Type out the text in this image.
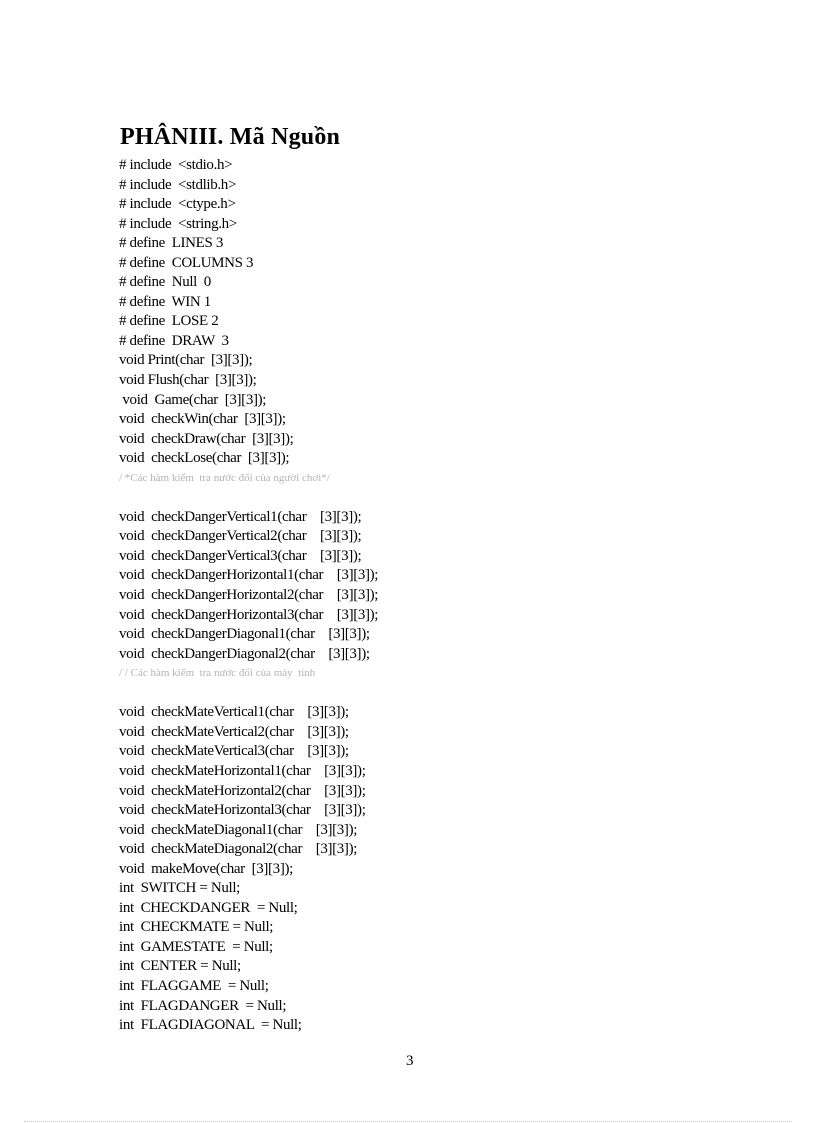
PHÂNIII. Mã Nguồn
# include  <stdio.h>
# include  <stdlib.h>
# include  <ctype.h>
# include  <string.h>
# define  LINES 3
# define  COLUMNS 3
# define  Null  0
# define  WIN 1
# define  LOSE 2
# define  DRAW  3
void Print(char  [3][3]);
void Flush(char  [3][3]);
void  Game(char  [3][3]);
void  checkWin(char  [3][3]);
void  checkDraw(char  [3][3]);
void  checkLose(char  [3][3]);
/ *Các hàm kiểm  tra nước đối của người chơi*/
void  checkDangerVertical1(char    [3][3]);
void  checkDangerVertical2(char    [3][3]);
void  checkDangerVertical3(char    [3][3]);
void  checkDangerHorizontal1(char    [3][3]);
void  checkDangerHorizontal2(char    [3][3]);
void  checkDangerHorizontal3(char    [3][3]);
void  checkDangerDiagonal1(char    [3][3]);
void  checkDangerDiagonal2(char    [3][3]);
/ / Các hàm kiểm  tra nước đối của máy  tính
void  checkMateVertical1(char    [3][3]);
void  checkMateVertical2(char    [3][3]);
void  checkMateVertical3(char    [3][3]);
void  checkMateHorizontal1(char    [3][3]);
void  checkMateHorizontal2(char    [3][3]);
void  checkMateHorizontal3(char    [3][3]);
void  checkMateDiagonal1(char    [3][3]);
void  checkMateDiagonal2(char    [3][3]);
void  makeMove(char  [3][3]);
int  SWITCH = Null;
int  CHECKDANGER  = Null;
int  CHECKMATE = Null;
int  GAMESTATE  = Null;
int  CENTER = Null;
int  FLAGGAME  = Null;
int  FLAGDANGER  = Null;
int  FLAGDIAGONAL  = Null;
3
